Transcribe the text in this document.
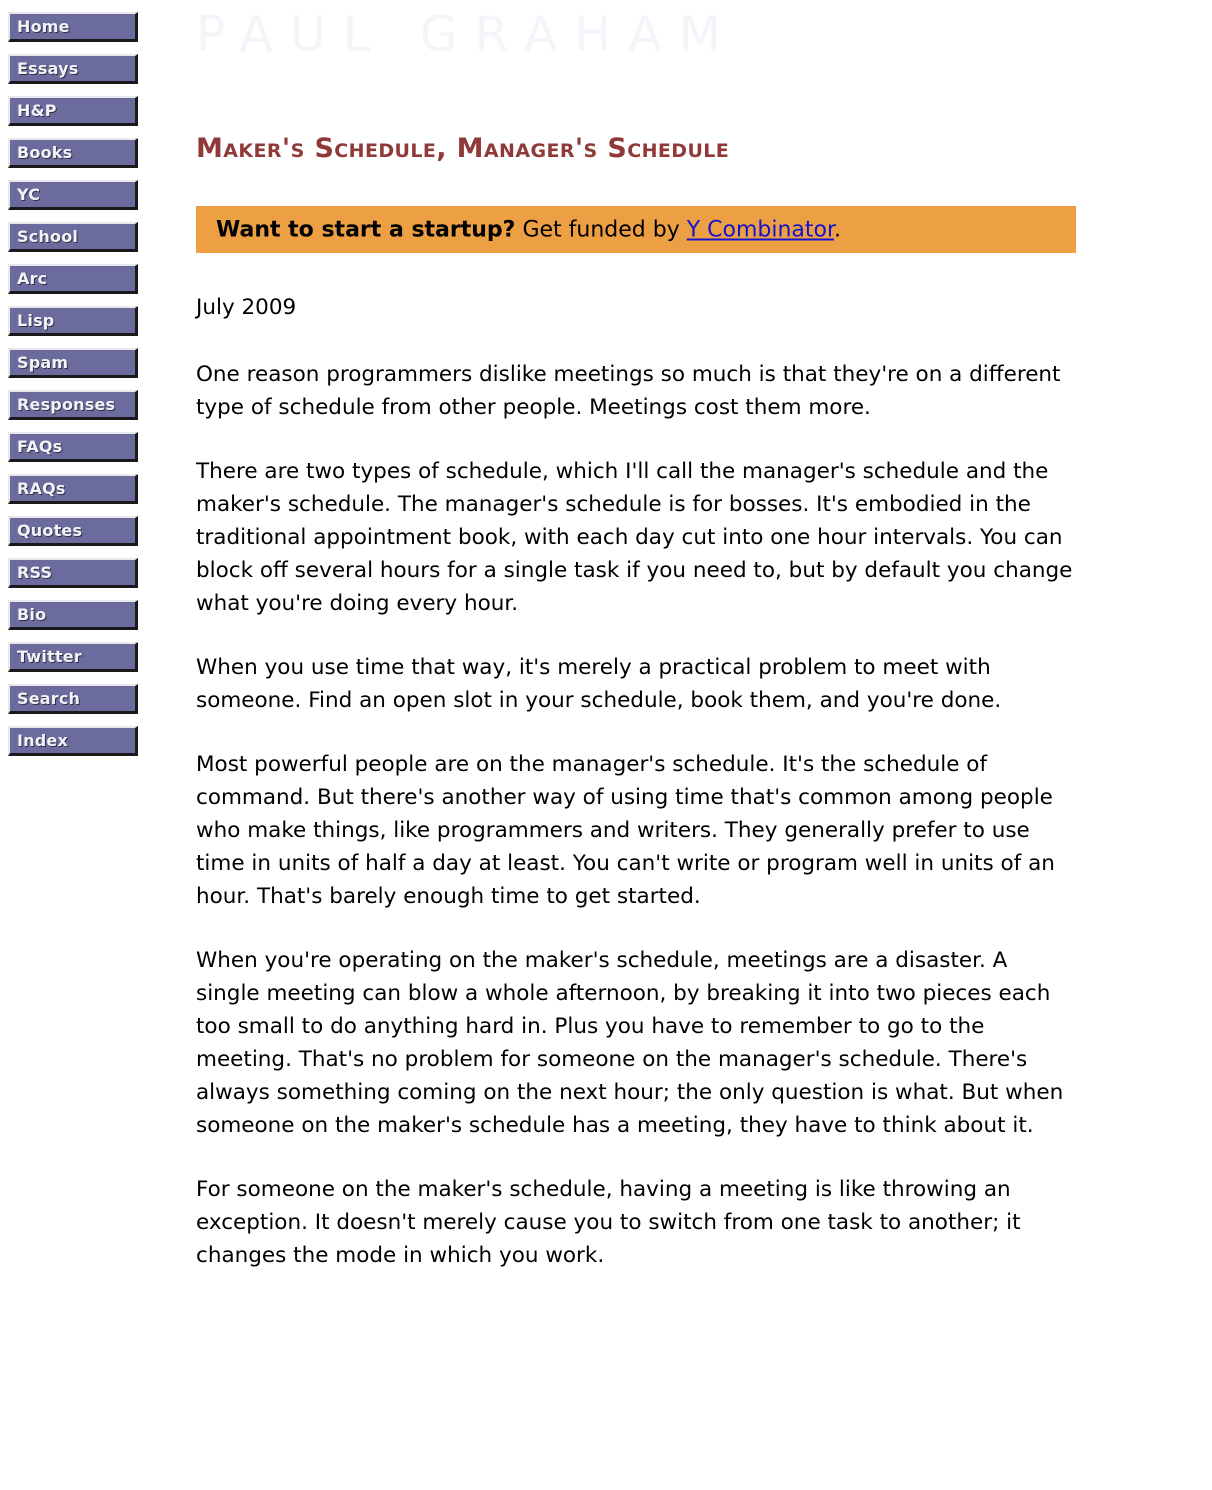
Home
Essays
H&P
Books
YC
School
Arc
Lisp
Spam
Responses
FAQs
RAQs
Quotes
RSS
Bio
Twitter
Search
Index
PAUL GRAHAM
Maker's Schedule, Manager's Schedule
Want to start a startup? Get funded by Y Combinator.

July 2009

One reason programmers dislike meetings so much is that they're on a different type of schedule from other people. Meetings cost them more.

There are two types of schedule, which I'll call the manager's schedule and the maker's schedule. The manager's schedule is for bosses. It's embodied in the traditional appointment book, with each day cut into one hour intervals. You can block off several hours for a single task if you need to, but by default you change what you're doing every hour.

When you use time that way, it's merely a practical problem to meet with someone. Find an open slot in your schedule, book them, and you're done.

Most powerful people are on the manager's schedule. It's the schedule of command. But there's another way of using time that's common among people who make things, like programmers and writers. They generally prefer to use time in units of half a day at least. You can't write or program well in units of an hour. That's barely enough time to get started.

When you're operating on the maker's schedule, meetings are a disaster. A single meeting can blow a whole afternoon, by breaking it into two pieces each too small to do anything hard in. Plus you have to remember to go to the meeting. That's no problem for someone on the manager's schedule. There's always something coming on the next hour; the only question is what. But when someone on the maker's schedule has a meeting, they have to think about it.

For someone on the maker's schedule, having a meeting is like throwing an exception. It doesn't merely cause you to switch from one task to another; it changes the mode in which you work.
